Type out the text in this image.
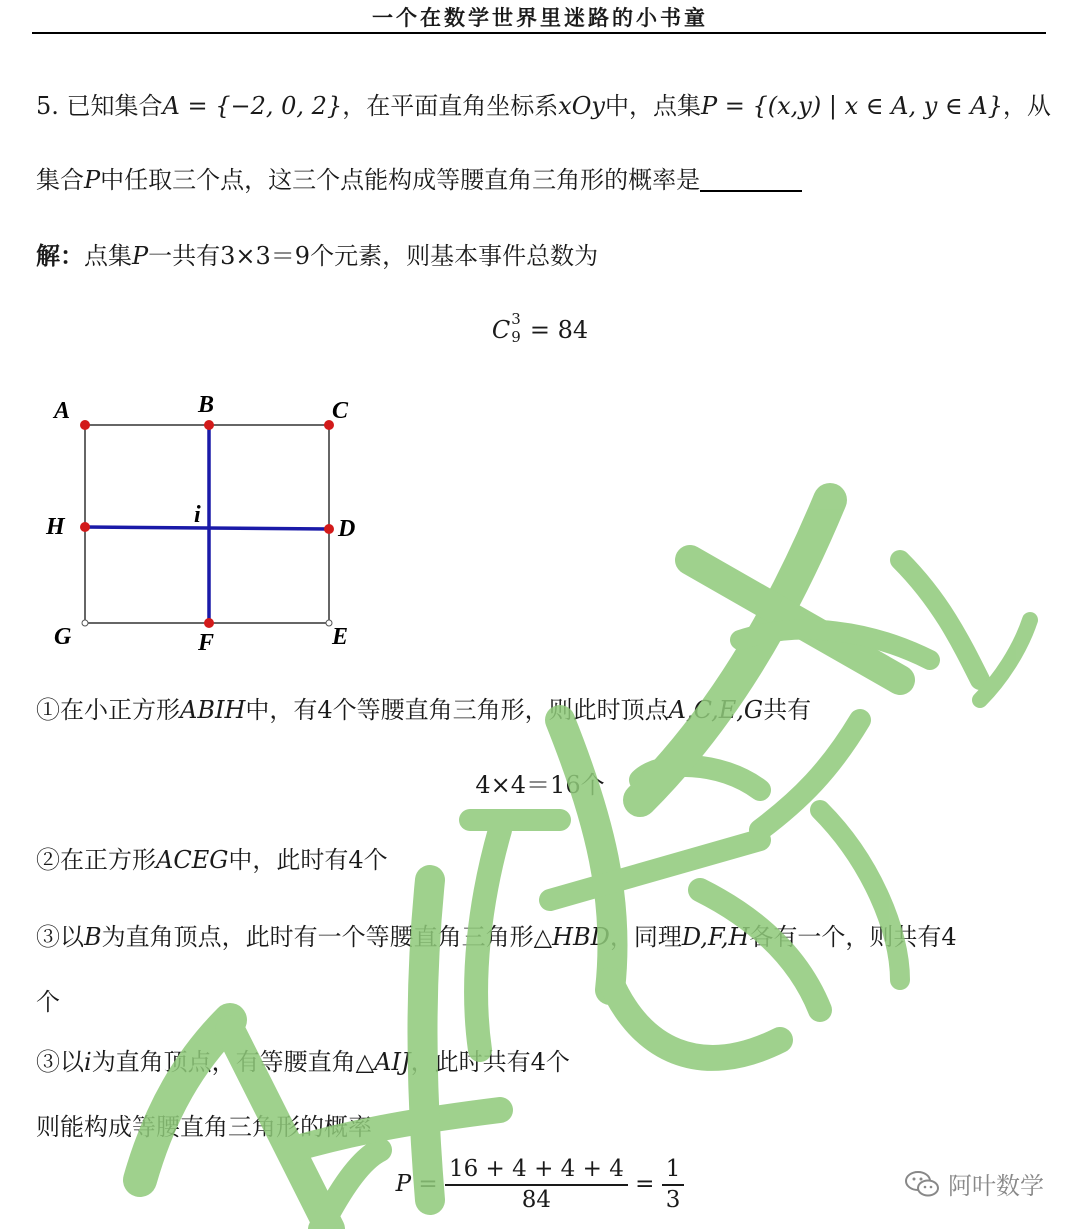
一个在数学世界里迷路的小书童
5. 已知集合A = {−2, 0, 2}，在平面直角坐标系xOy中，点集P = {(x,y) | x ∈ A, y ∈ A}，从
集合P中任取三个点，这三个点能构成等腰直角三角形的概率是
解：点集P一共有3×3＝9个元素，则基本事件总数为
C 3
9 = 84
A	B	C
D
E
F
G
H	i
①在小正方形ABIH中，有4个等腰直角三角形，则此时顶点A,C,E,G共有
4×4＝16个
②在正方形ACEG中，此时有4个
③以B为直角顶点，此时有一个等腰直角三角形△HBD，同理D,F,H各有一个，则共有4
个
③以i为直角顶点，有等腰直角△AIJ，此时共有4个
则能构成等腰直角三角形的概率
$P = \frac{16 + 4 + 4 + 4}{84} = \frac{1}{3}$	阿叶数学
